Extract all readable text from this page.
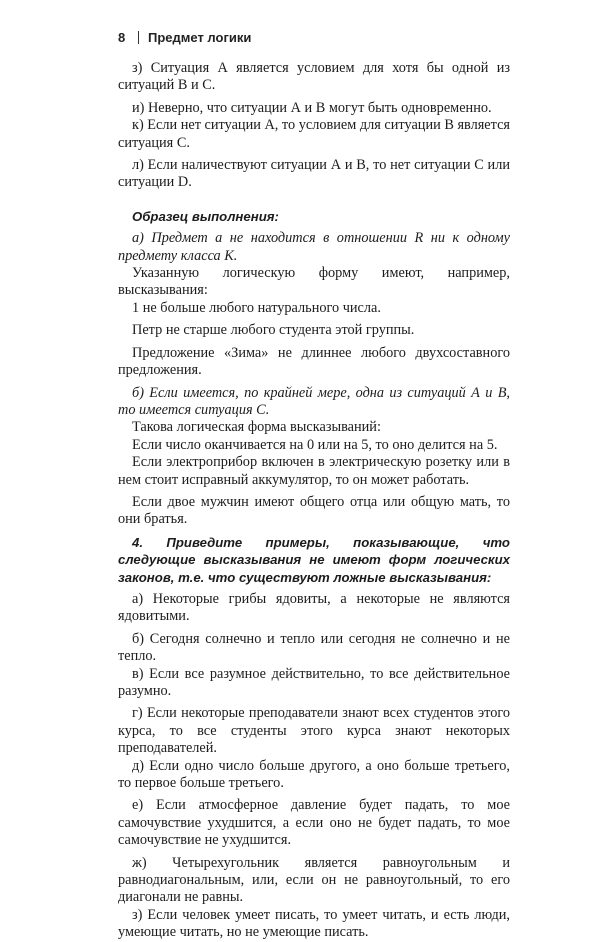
8 Предмет логики

з) Ситуация А является условием для хотя бы одной из ситуаций В и С.

и) Неверно, что ситуации А и В могут быть одновременно.

к) Если нет ситуации А, то условием для ситуации В является ситуация С.

л) Если наличествуют ситуации А и В, то нет ситуации С или ситуации D.

Образец выполнения:

а) Предмет а не находится в отношении R ни к одному предмету класса K.

Указанную логическую форму имеют, например, высказывания:

1 не больше любого натурального числа.

Петр не старше любого студента этой группы.

Предложение «Зима» не длиннее любого двухсоставного предложения.

б) Если имеется, по крайней мере, одна из ситуаций А и В, то имеется ситуация С.

Такова логическая форма высказываний:

Если число оканчивается на 0 или на 5, то оно делится на 5.

Если электроприбор включен в электрическую розетку или в нем стоит исправный аккумулятор, то он может работать.

Если двое мужчин имеют общего отца или общую мать, то они братья.

4. Приведите примеры, показывающие, что следующие высказывания не имеют форм логических законов, т.е. что существуют ложные высказывания:

а) Некоторые грибы ядовиты, а некоторые не являются ядовитыми.

б) Сегодня солнечно и тепло или сегодня не солнечно и не тепло.

в) Если все разумное действительно, то все действительное разумно.

г) Если некоторые преподаватели знают всех студентов этого курса, то все студенты этого курса знают некоторых преподавателей.

д) Если одно число больше другого, а оно больше третьего, то первое больше третьего.

е) Если атмосферное давление будет падать, то мое самочувствие ухудшится, а если оно не будет падать, то мое самочувствие не ухудшится.

ж) Четырехугольник является равноугольным и равнодиагональным, или, если он не равноугольный, то его диагонали не равны.

з) Если человек умеет писать, то умеет читать, и есть люди, умеющие читать, но не умеющие писать.
